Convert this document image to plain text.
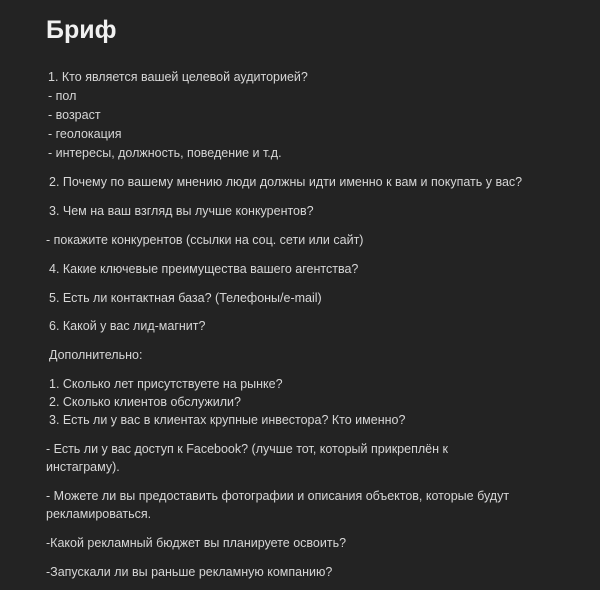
Бриф
1. Кто является вашей целевой аудиторией?
- пол
- возраст
- геолокация
- интересы, должность, поведение и т.д.
2. Почему по вашему мнению люди должны идти именно к вам и покупать у вас?
3. Чем на ваш взгляд вы лучше конкурентов?
- покажите конкурентов (ссылки на соц. сети или сайт)
4. Какие ключевые преимущества вашего агентства?
5. Есть ли контактная база? (Телефоны/e-mail)
6. Какой у вас лид-магнит?
Дополнительно:
1. Сколько лет присутствуете на рынке?
2. Сколько клиентов обслужили?
3. Есть ли у вас в клиентах крупные инвестора? Кто именно?
- Есть ли у вас доступ к Facebook? (лучше тот, который прикреплён к
инстаграму).
- Можете ли вы предоставить фотографии и описания объектов, которые будут
рекламироваться.
-Какой рекламный бюджет вы планируете освоить?
-Запускали ли вы раньше рекламную компанию?
